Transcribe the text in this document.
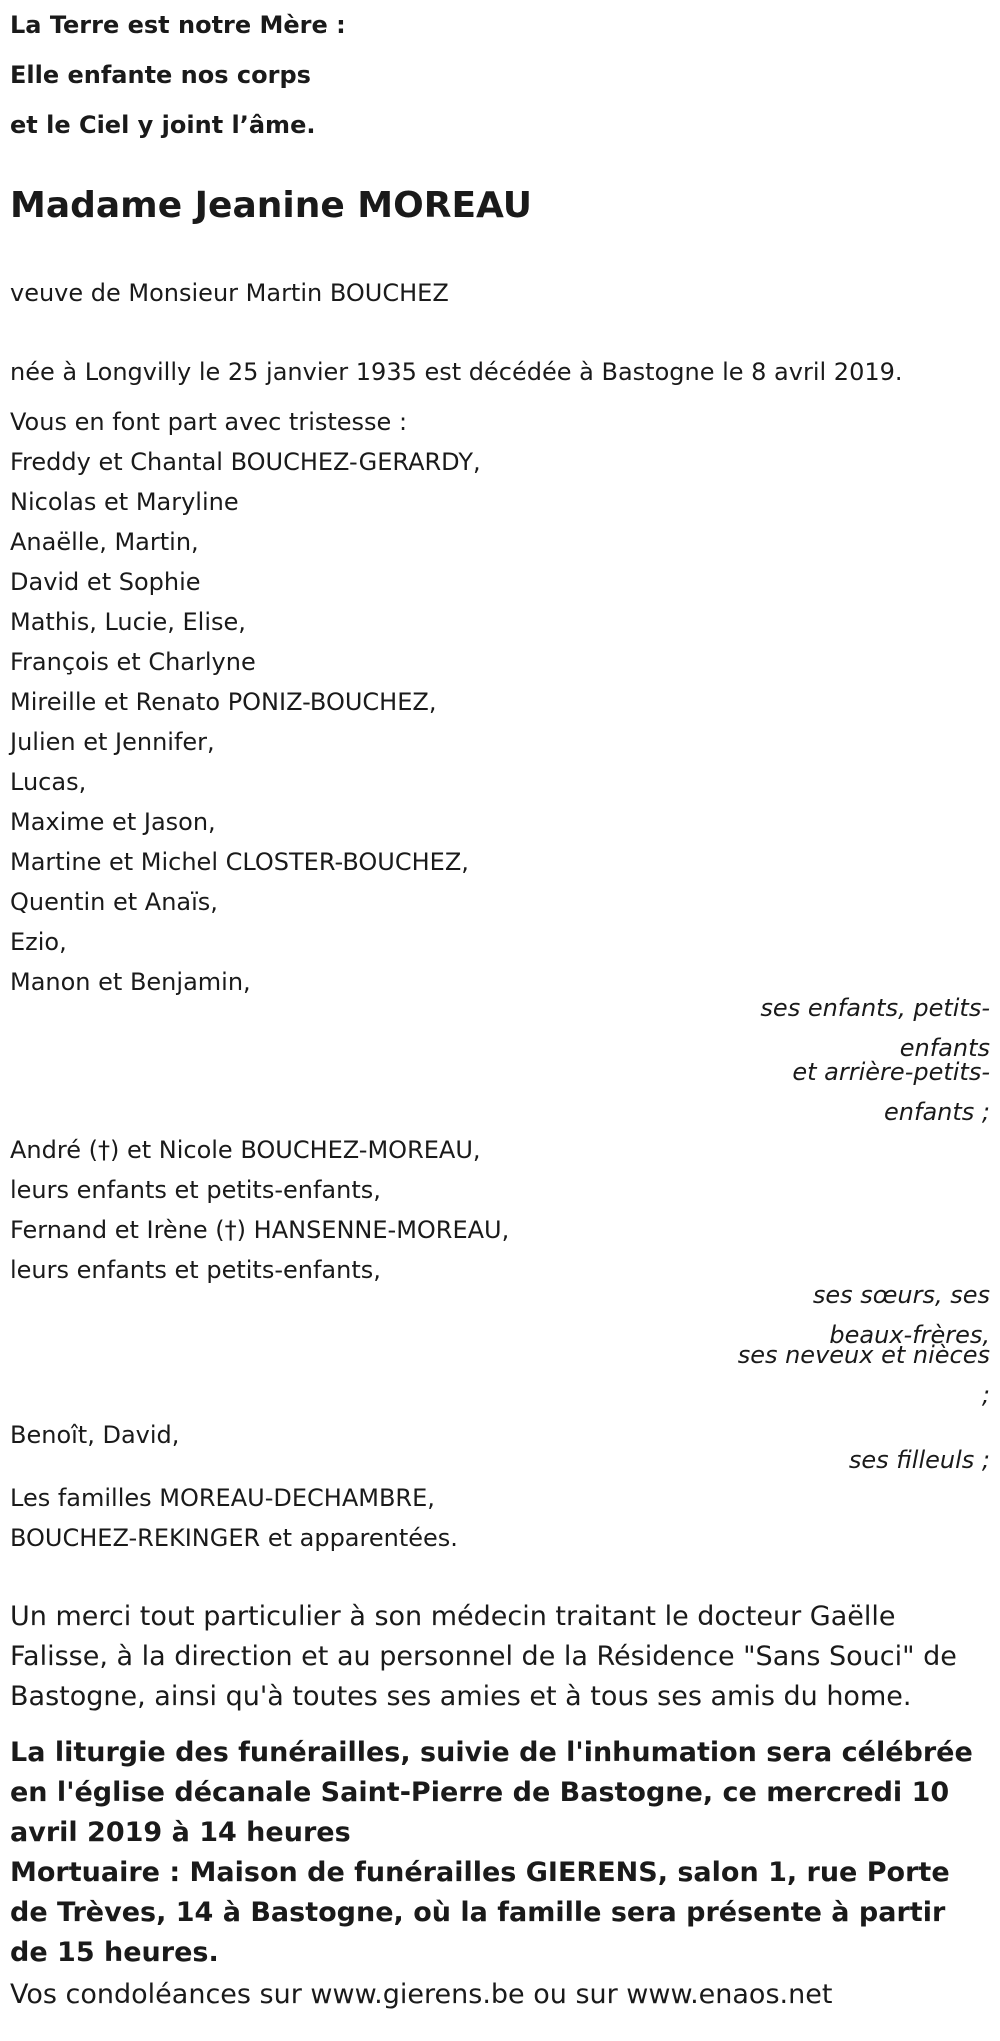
La Terre est notre Mère :
Elle enfante nos corps
et le Ciel y joint l’âme.
Madame Jeanine MOREAU
veuve de Monsieur Martin BOUCHEZ
née à Longvilly le 25 janvier 1935 est décédée à Bastogne le 8 avril 2019.
Vous en font part avec tristesse :
Freddy et Chantal BOUCHEZ-GERARDY,
Nicolas et Maryline
Anaëlle, Martin,
David et Sophie
Mathis, Lucie, Elise,
François et Charlyne
Mireille et Renato PONIZ-BOUCHEZ,
Julien et Jennifer,
Lucas,
Maxime et Jason,
Martine et Michel CLOSTER-BOUCHEZ,
Quentin et Anaïs,
Ezio,
Manon et Benjamin,
ses enfants, petits-enfants
et arrière-petits-enfants ;
André (†) et Nicole BOUCHEZ-MOREAU,
leurs enfants et petits-enfants,
Fernand et Irène (†) HANSENNE-MOREAU,
leurs enfants et petits-enfants,
ses sœurs, ses beaux-frères,
ses neveux et nièces ;
Benoît, David,
ses filleuls ;
Les familles MOREAU-DECHAMBRE,
BOUCHEZ-REKINGER et apparentées.
Un merci tout particulier à son médecin traitant le docteur Gaëlle Falisse, à la direction et au personnel de la Résidence "Sans Souci" de Bastogne, ainsi qu'à toutes ses amies et à tous ses amis du home.
La liturgie des funérailles, suivie de l'inhumation sera célébrée en l'église décanale Saint-Pierre de Bastogne, ce mercredi 10 avril 2019 à 14 heures
Mortuaire : Maison de funérailles GIERENS, salon 1, rue Porte de Trèves, 14 à Bastogne, où la famille sera présente à partir de 15 heures.
Vos condoléances sur www.gierens.be ou sur www.enaos.net
